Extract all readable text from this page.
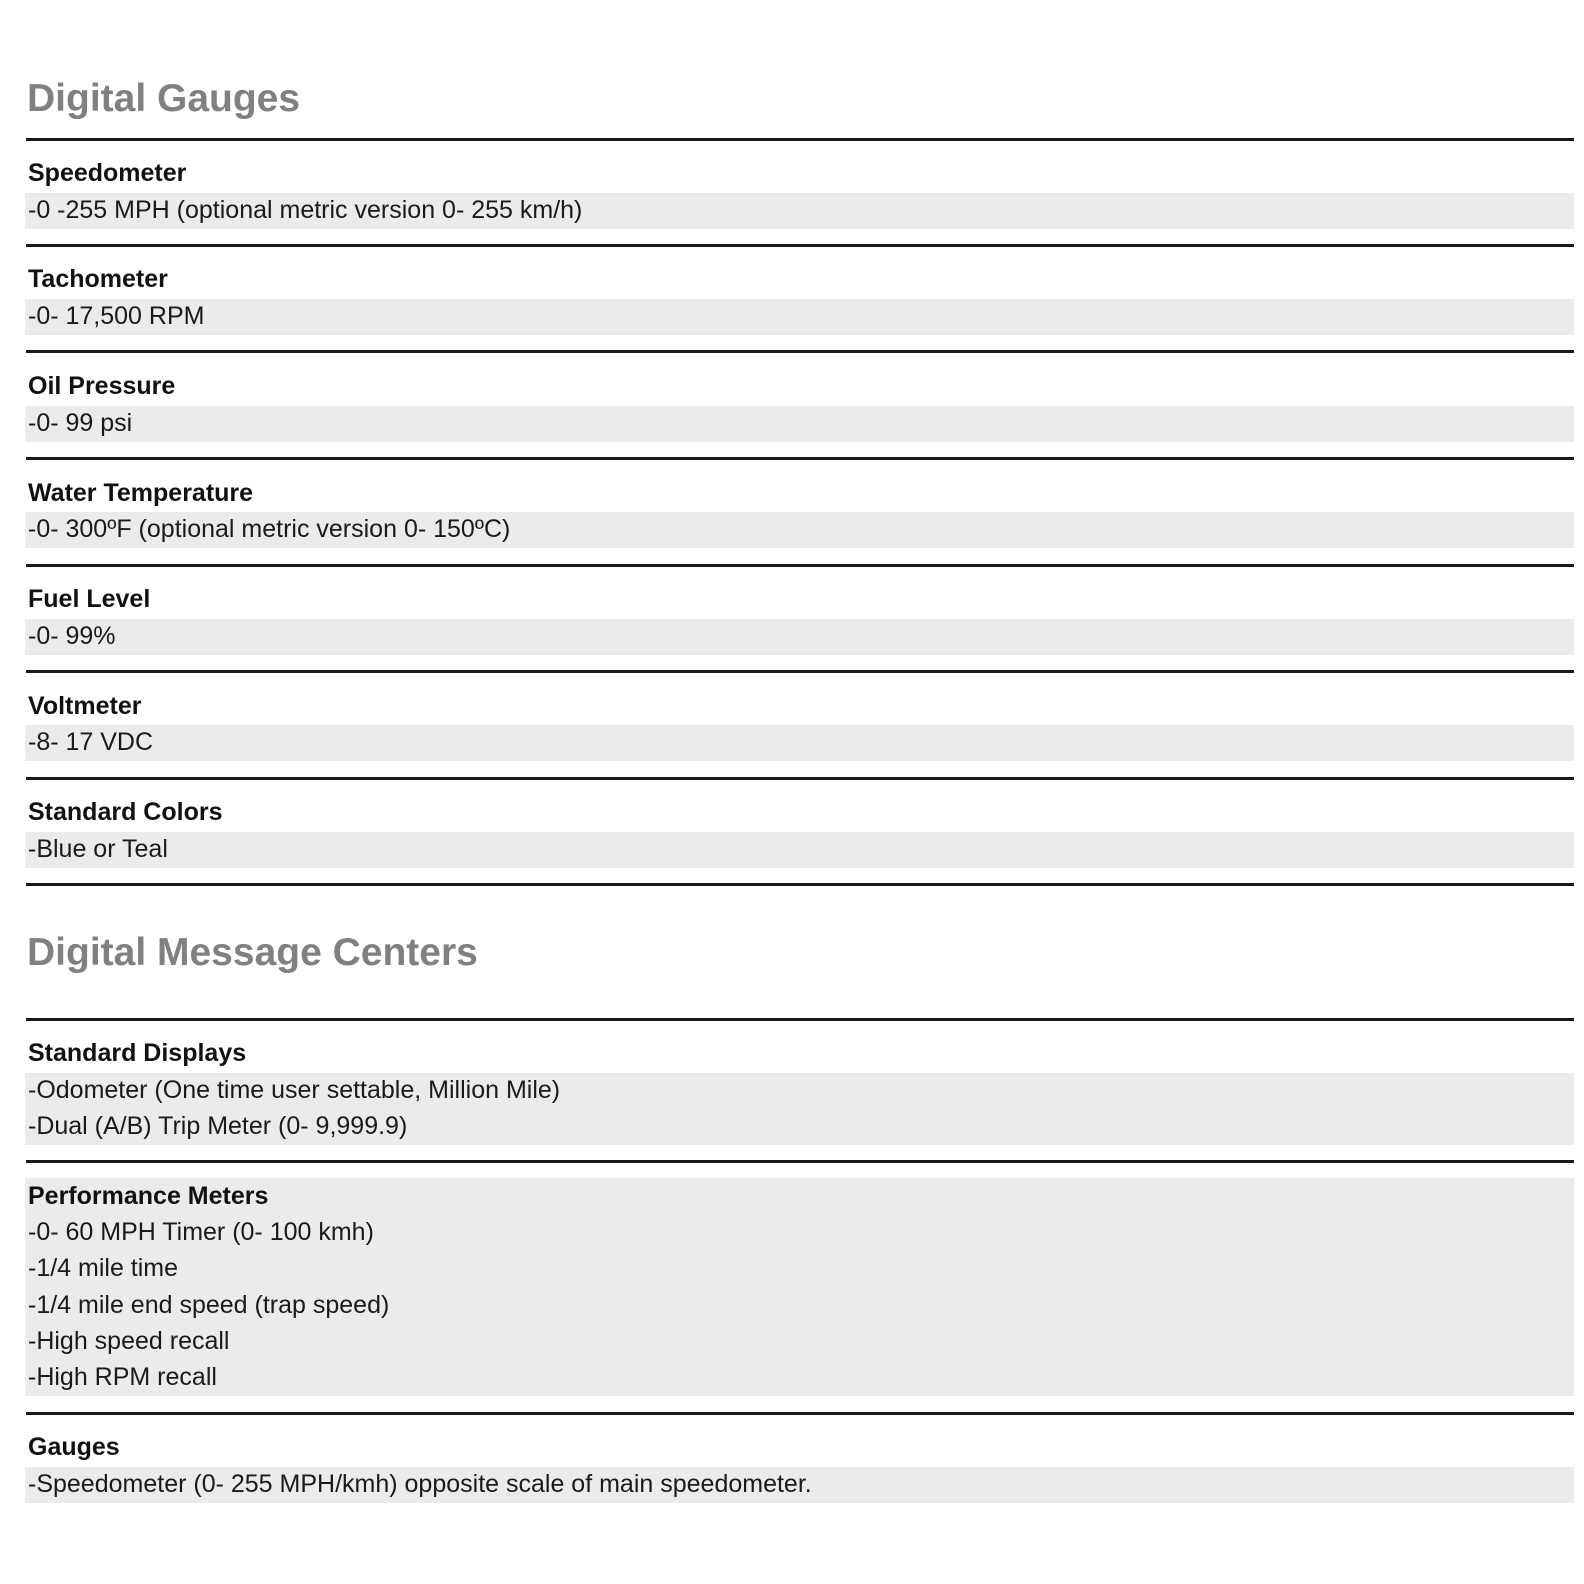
Digital Gauges
Speedometer
-0 -255 MPH (optional metric version 0- 255 km/h)
Tachometer
-0- 17,500 RPM
Oil Pressure
-0- 99 psi
Water Temperature
-0- 300ºF (optional metric version 0- 150ºC)
Fuel Level
-0- 99%
Voltmeter
-8- 17 VDC
Standard Colors
-Blue or Teal
Digital Message Centers
Standard Displays
-Odometer (One time user settable, Million Mile)
-Dual (A/B) Trip Meter (0- 9,999.9)
Performance Meters
-0- 60 MPH Timer (0- 100 kmh)
-1/4 mile time
-1/4 mile end speed (trap speed)
-High speed recall
-High RPM recall
Gauges
-Speedometer (0- 255 MPH/kmh) opposite scale of main speedometer.
